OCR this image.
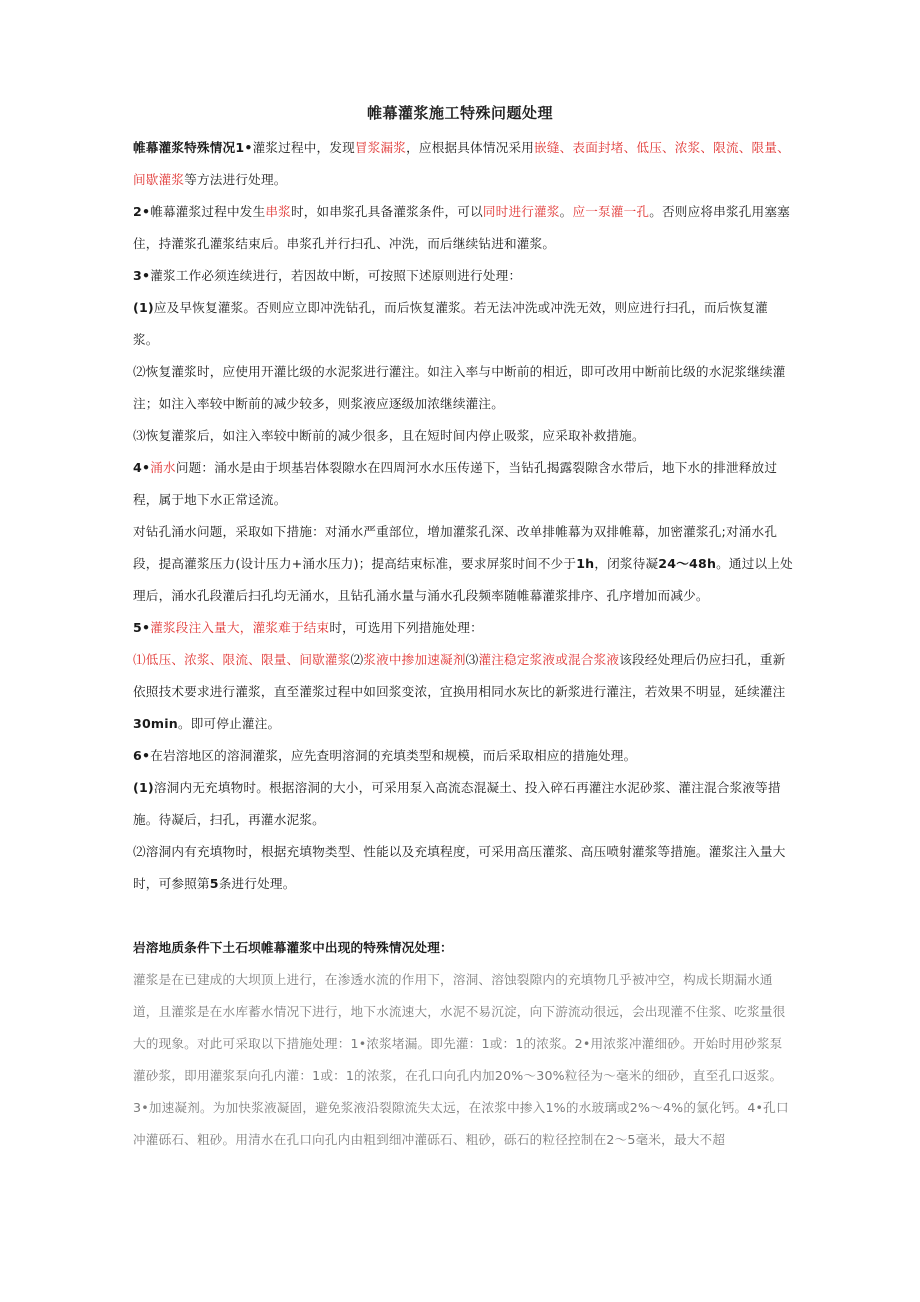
帷幕灌浆施工特殊问题处理

帷幕灌浆特殊情况1•灌浆过程中，发现冒浆漏浆，应根据具体情况采用嵌缝、表面封堵、低压、浓浆、限流、限量、间歇灌浆等方法进行处理。

2•帷幕灌浆过程中发生串浆时，如串浆孔具备灌浆条件，可以同时进行灌浆。应一泵灌一孔。否则应将串浆孔用塞塞住，持灌浆孔灌浆结束后。串浆孔并行扫孔、冲洗，而后继续钻进和灌浆。

3•灌浆工作必须连续进行，若因故中断，可按照下述原则进行处理：

(1)应及早恢复灌浆。否则应立即冲洗钻孔，而后恢复灌浆。若无法冲洗或冲洗无效，则应进行扫孔，而后恢复灌浆。

⑵恢复灌浆时，应使用开灌比级的水泥浆进行灌注。如注入率与中断前的相近，即可改用中断前比级的水泥浆继续灌注；如注入率较中断前的减少较多，则浆液应逐级加浓继续灌注。

⑶恢复灌浆后，如注入率较中断前的减少很多，且在短时间内停止吸浆，应采取补救措施。

4•涌水问题：涌水是由于坝基岩体裂隙水在四周河水水压传递下，当钻孔揭露裂隙含水带后，地下水的排泄释放过程，属于地下水正常迳流。

对钻孔涌水问题，采取如下措施：对涌水严重部位，增加灌浆孔深、改单排帷幕为双排帷幕，加密灌浆孔;对涌水孔段，提高灌浆压力(设计压力+涌水压力)；提高结束标准，要求屏浆时间不少于1h，闭浆待凝24〜48h。通过以上处理后，涌水孔段灌后扫孔均无涌水，且钻孔涌水量与涌水孔段频率随帷幕灌浆排序、孔序增加而减少。

5•灌浆段注入量大，灌浆难于结束时，可选用下列措施处理：

⑴低压、浓浆、限流、限量、间歇灌浆⑵浆液中掺加速凝剂⑶灌注稳定浆液或混合浆液该段经处理后仍应扫孔，重新依照技术要求进行灌浆，直至灌浆过程中如回浆变浓，宜换用相同水灰比的新浆进行灌注，若效果不明显，延续灌注30min。即可停止灌注。

6•在岩溶地区的溶洞灌浆，应先查明溶洞的充填类型和规模，而后采取相应的措施处理。

(1)溶洞内无充填物时。根据溶洞的大小，可采用泵入高流态混凝土、投入碎石再灌注水泥砂浆、灌注混合浆液等措施。待凝后，扫孔，再灌水泥浆。

⑵溶洞内有充填物时，根据充填物类型、性能以及充填程度，可采用高压灌浆、高压喷射灌浆等措施。灌浆注入量大时，可参照第5条进行处理。

岩溶地质条件下土石坝帷幕灌浆中出现的特殊情况处理：

灌浆是在已建成的大坝顶上进行，在渗透水流的作用下，溶洞、溶蚀裂隙内的充填物几乎被冲空，构成长期漏水通道，且灌浆是在水库蓄水情况下进行，地下水流速大，水泥不易沉淀，向下游流动很远，会出现灌不住浆、吃浆量很大的现象。对此可采取以下措施处理：1•浓浆堵漏。即先灌：1或：1的浓浆。2•用浓浆冲灌细砂。开始时用砂浆泵灌砂浆，即用灌浆泵向孔内灌：1或：1的浓浆，在孔口向孔内加20%〜30%粒径为〜毫米的细砂，直至孔口返浆。3•加速凝剂。为加快浆液凝固，避免浆液沿裂隙流失太远，在浓浆中掺入1%的水玻璃或2%〜4%的氯化钙。4•孔口冲灌砾石、粗砂。用清水在孔口向孔内由粗到细冲灌砾石、粗砂，砾石的粒径控制在2〜5毫米，最大不超
